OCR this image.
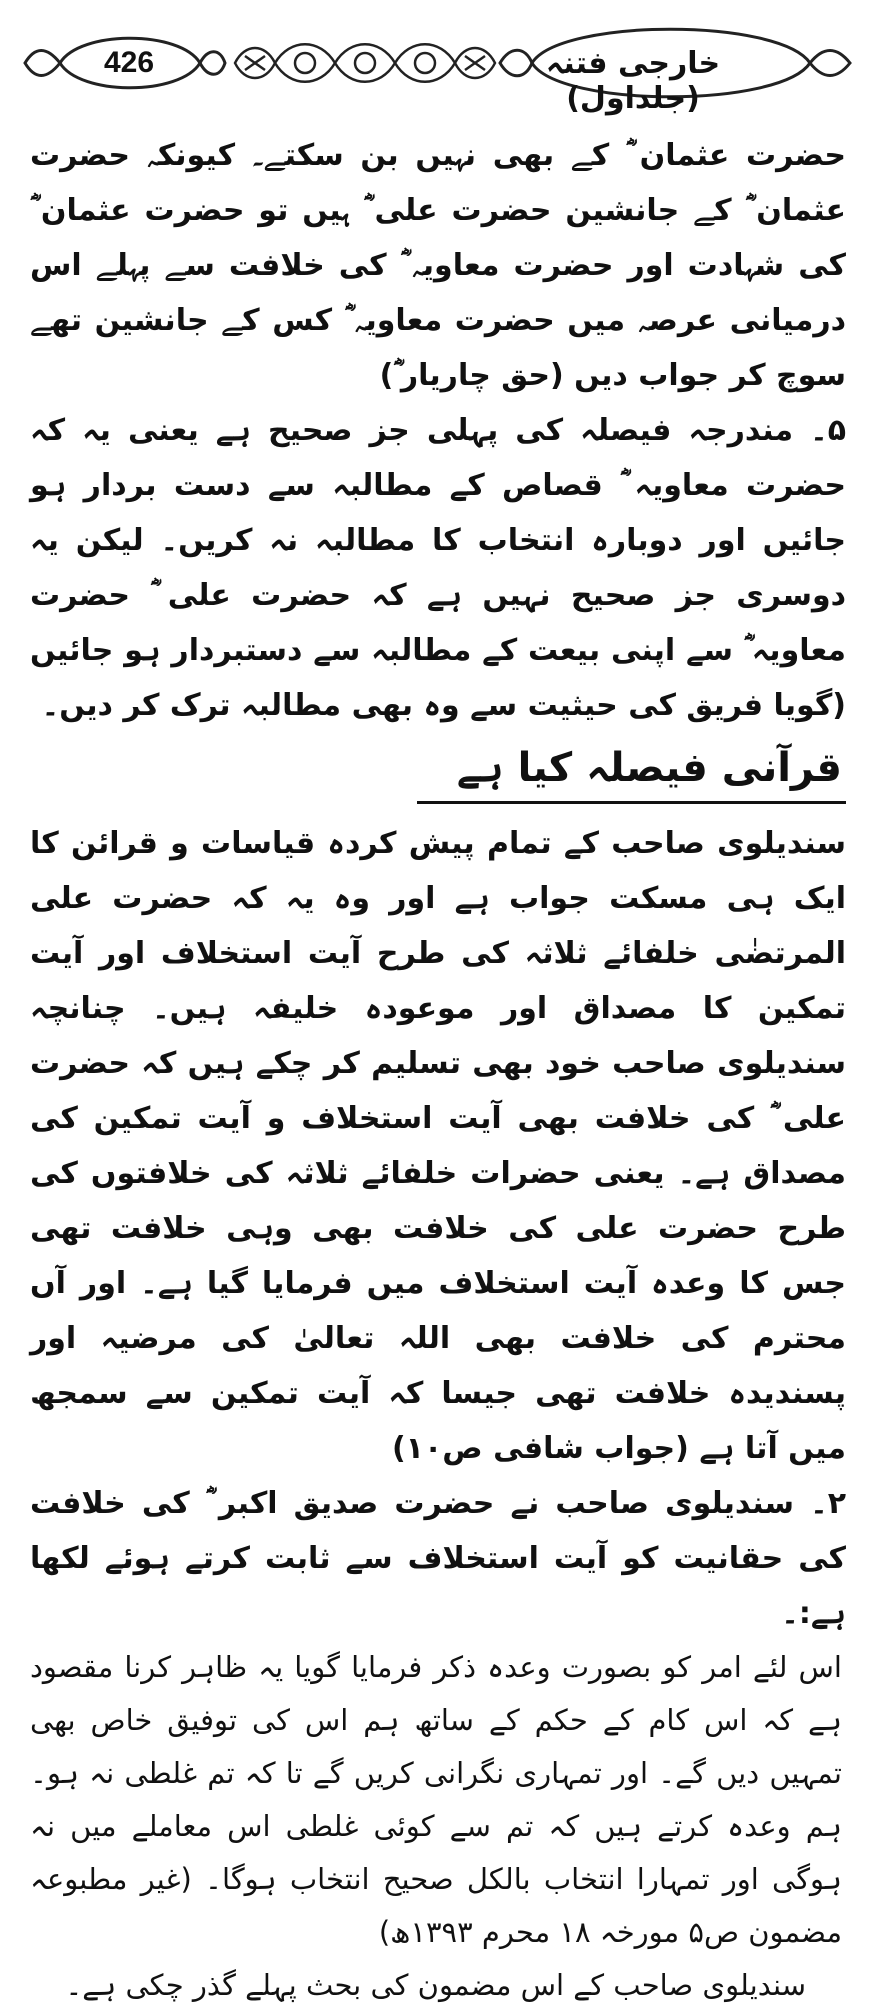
426	خارجی فتنہ (جلداول)

حضرت عثمان ؓ کے بھی نہیں بن سکتے۔ کیونکہ حضرت عثمان ؓ کے جانشین حضرت علی ؓ ہیں تو حضرت عثمان ؓ کی شہادت اور حضرت معاویہ ؓ کی خلافت سے پہلے اس درمیانی عرصہ میں حضرت معاویہ ؓ کس کے جانشین تھے سوچ کر جواب دیں (حق چاریار ؓ)

۵۔ مندرجہ فیصلہ کی پہلی جز صحیح ہے یعنی یہ کہ حضرت معاویہ ؓ قصاص کے مطالبہ سے دست بردار ہو جائیں اور دوبارہ انتخاب کا مطالبہ نہ کریں۔ لیکن یہ دوسری جز صحیح نہیں ہے کہ حضرت علی ؓ حضرت معاویہ ؓ سے اپنی بیعت کے مطالبہ سے دستبردار ہو جائیں (گویا فریق کی حیثیت سے وہ بھی مطالبہ ترک کر دیں۔

قرآنی فیصلہ کیا ہے

سندیلوی صاحب کے تمام پیش کردہ قیاسات و قرائن کا ایک ہی مسکت جواب ہے اور وہ یہ کہ حضرت علی المرتضٰی خلفائے ثلاثہ کی طرح آیت استخلاف اور آیت تمکین کا مصداق اور موعودہ خلیفہ ہیں۔ چنانچہ سندیلوی صاحب خود بھی تسلیم کر چکے ہیں کہ حضرت علی ؓ کی خلافت بھی آیت استخلاف و آیت تمکین کی مصداق ہے۔ یعنی حضرات خلفائے ثلاثہ کی خلافتوں کی طرح حضرت علی کی خلافت بھی وہی خلافت تھی جس کا وعدہ آیت استخلاف میں فرمایا گیا ہے۔ اور آں محترم کی خلافت بھی اللہ تعالیٰ کی مرضیہ اور پسندیدہ خلافت تھی جیسا کہ آیت تمکین سے سمجھ میں آتا ہے (جواب شافی ص۱۰)

۲۔ سندیلوی صاحب نے حضرت صدیق اکبر ؓ کی خلافت کی حقانیت کو آیت استخلاف سے ثابت کرتے ہوئے لکھا ہے:۔

اس لئے امر کو بصورت وعدہ ذکر فرمایا گویا یہ ظاہر کرنا مقصود ہے کہ اس کام کے حکم کے ساتھ ہم اس کی توفیق خاص بھی تمہیں دیں گے۔ اور تمہاری نگرانی کریں گے تا کہ تم غلطی نہ ہو۔ ہم وعدہ کرتے ہیں کہ تم سے کوئی غلطی اس معاملے میں نہ ہوگی اور تمہارا انتخاب بالکل صحیح انتخاب ہوگا۔ (غیر مطبوعہ مضمون ص۵ مورخہ ۱۸ محرم ۱۳۹۳ھ)

سندیلوی صاحب کے اس مضمون کی بحث پہلے گذر چکی ہے۔
